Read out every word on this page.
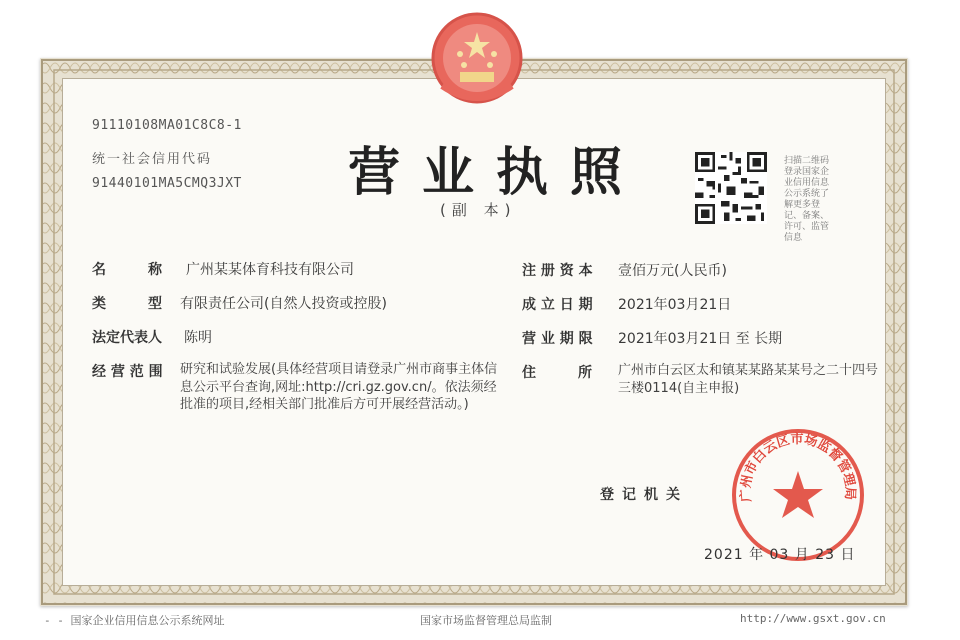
91110108MA01C8C8-1
统一社会信用代码
91440101MA5CMQ3JXT 营业执照
(副 本)
扫描二维码登录国家企业信用信息公示系统了解更多登记、备案、许可、监管信息
名　　　称 广州某某体育科技有限公司
类　　　型 有限责任公司(自然人投资或控股)
法定代表人 陈明
经 营 范 围 研究和试验发展(具体经营项目请登录广州市商事主体信息公示平台查询,网址:http://cri.gz.gov.cn/。依法须经批准的项目,经相关部门批准后方可开展经营活动。)
注 册 资 本 壹佰万元(人民币)
成 立 日 期 2021年03月21日
营 业 期 限 2021年03月21日 至 长期
住　　　所 广州市白云区太和镇某某路某某号之二十四号三楼0114(自主申报)
登记机关	广州市白云区市场监督管理局
2021 年 03 月 23 日
- - 国家企业信用信息公示系统网址	国家市场监督管理总局监制	http://www.gsxt.gov.cn
